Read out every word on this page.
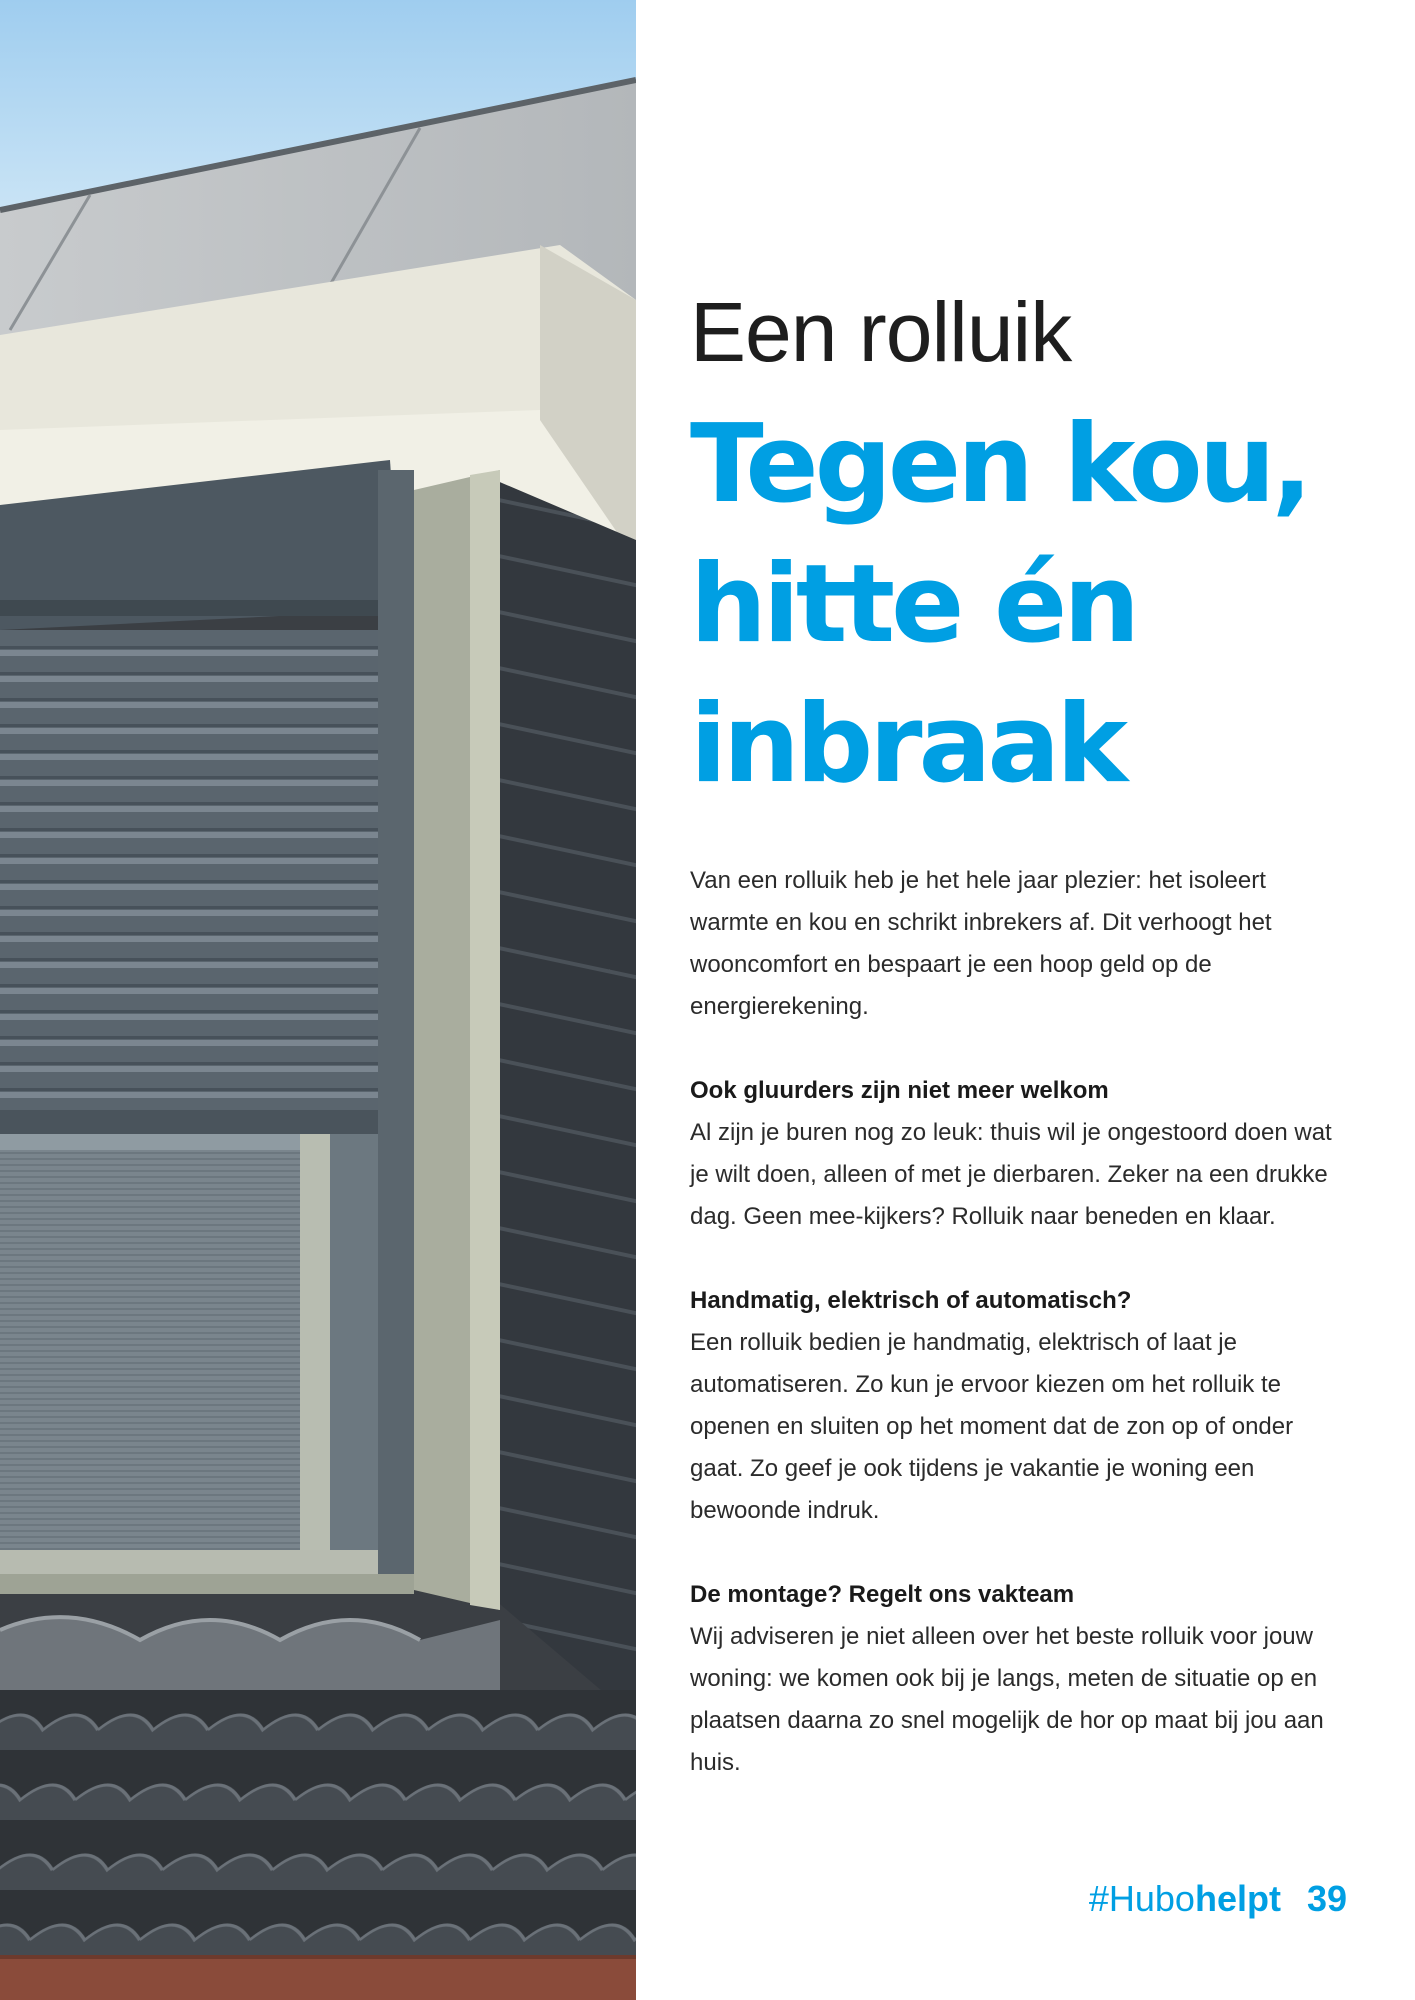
Een rolluik
Tegen kou,
hitte én
inbraak

Van een rolluik heb je het hele jaar plezier: het isoleert warmte en kou en schrikt inbrekers af. Dit verhoogt het wooncomfort en bespaart je een hoop geld op de energierekening.

Ook gluurders zijn niet meer welkom

Al zijn je buren nog zo leuk: thuis wil je ongestoord doen wat je wilt doen, alleen of met je dierbaren. Zeker na een drukke dag. Geen mee-kijkers? Rolluik naar beneden en klaar.

Handmatig, elektrisch of automatisch?

Een rolluik bedien je handmatig, elektrisch of laat je automatiseren. Zo kun je ervoor kiezen om het rolluik te openen en sluiten op het moment dat de zon op of onder gaat. Zo geef je ook tijdens je vakantie je woning een bewoonde indruk.

De montage? Regelt ons vakteam

Wij adviseren je niet alleen over het beste rolluik voor jouw woning: we komen ook bij je langs, meten de situatie op en plaatsen daarna zo snel mogelijk de hor op maat bij jou aan huis.

#Hubohelpt 39
